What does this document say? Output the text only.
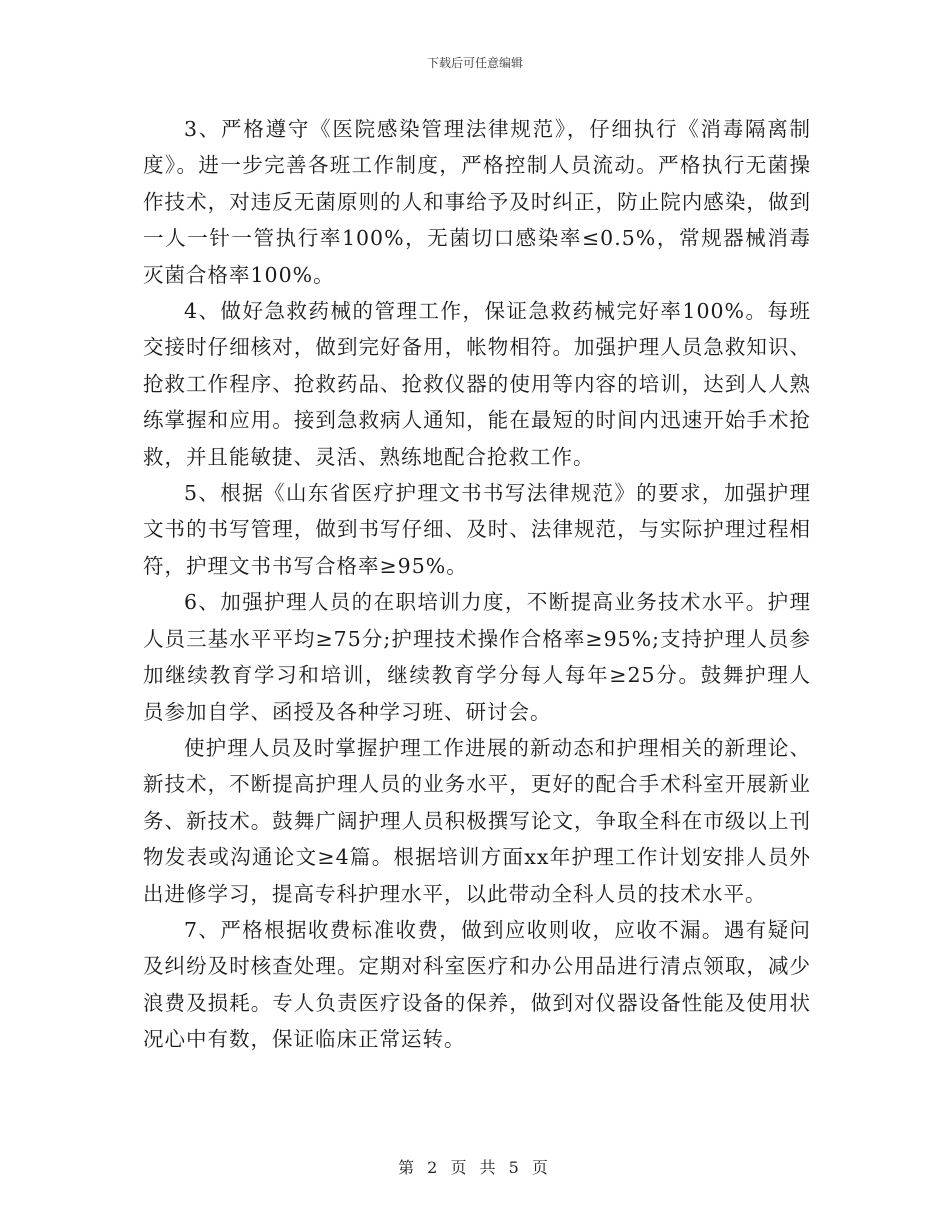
下载后可任意编辑

3、严格遵守《医院感染管理法律规范》，仔细执行《消毒隔离制度》。进一步完善各班工作制度，严格控制人员流动。严格执行无菌操作技术，对违反无菌原则的人和事给予及时纠正，防止院内感染，做到一人一针一管执行率100%，无菌切口感染率≤0.5%，常规器械消毒灭菌合格率100%。

4、做好急救药械的管理工作，保证急救药械完好率100%。每班交接时仔细核对，做到完好备用，帐物相符。加强护理人员急救知识、抢救工作程序、抢救药品、抢救仪器的使用等内容的培训，达到人人熟练掌握和应用。接到急救病人通知，能在最短的时间内迅速开始手术抢救，并且能敏捷、灵活、熟练地配合抢救工作。

5、根据《山东省医疗护理文书书写法律规范》的要求，加强护理文书的书写管理，做到书写仔细、及时、法律规范，与实际护理过程相符，护理文书书写合格率≥95%。

6、加强护理人员的在职培训力度，不断提高业务技术水平。护理人员三基水平平均≥75分;护理技术操作合格率≥95%;支持护理人员参加继续教育学习和培训，继续教育学分每人每年≥25分。鼓舞护理人员参加自学、函授及各种学习班、研讨会。

使护理人员及时掌握护理工作进展的新动态和护理相关的新理论、新技术，不断提高护理人员的业务水平，更好的配合手术科室开展新业务、新技术。鼓舞广阔护理人员积极撰写论文，争取全科在市级以上刊物发表或沟通论文≥4篇。根据培训方面xx年护理工作计划安排人员外出进修学习，提高专科护理水平，以此带动全科人员的技术水平。

7、严格根据收费标准收费，做到应收则收，应收不漏。遇有疑问及纠纷及时核查处理。定期对科室医疗和办公用品进行清点领取，减少浪费及损耗。专人负责医疗设备的保养，做到对仪器设备性能及使用状况心中有数，保证临床正常运转。

第 2 页 共 5 页
